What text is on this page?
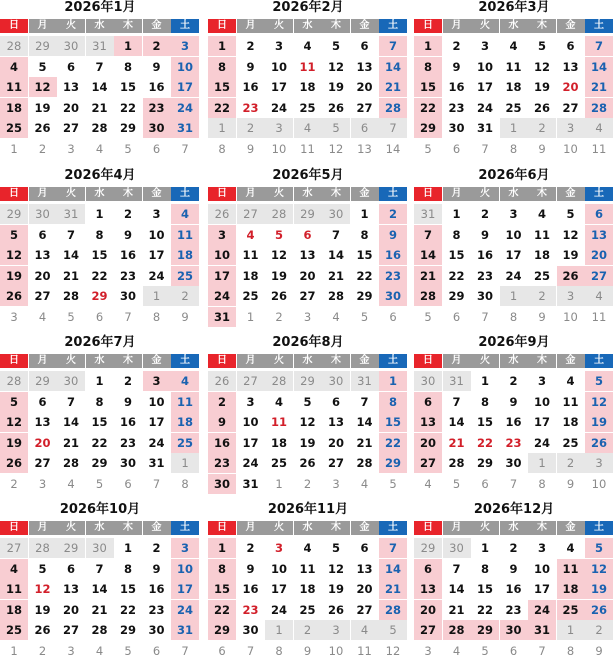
2026年1月
日	月	火	水	木	金	土
28	29	30	31	1	2	3
4	5	6	7	8	9	10
11	12	13	14	15	16	17
18	19	20	21	22	23	24
25	26	27	28	29	30	31
1	2	3	4	5	6	7
2026年2月
日	月	火	水	木	金	土
1	2	3	4	5	6	7
8	9	10	11	12	13	14
15	16	17	18	19	20	21
22	23	24	25	26	27	28
1	2	3	4	5	6	7
8	9	10	11	12	13	14
2026年3月
日	月	火	水	木	金	土
1	2	3	4	5	6	7
8	9	10	11	12	13	14
15	16	17	18	19	20	21
22	23	24	25	26	27	28
29	30	31	1	2	3	4
5	6	7	8	9	10	11
2026年4月
日	月	火	水	木	金	土
29	30	31	1	2	3	4
5	6	7	8	9	10	11
12	13	14	15	16	17	18
19	20	21	22	23	24	25
26	27	28	29	30	1	2
3	4	5	6	7	8	9
2026年5月
日	月	火	水	木	金	土
26	27	28	29	30	1	2
3	4	5	6	7	8	9
10	11	12	13	14	15	16
17	18	19	20	21	22	23
24	25	26	27	28	29	30
31	1	2	3	4	5	6
2026年6月
日	月	火	水	木	金	土
31	1	2	3	4	5	6
7	8	9	10	11	12	13
14	15	16	17	18	19	20
21	22	23	24	25	26	27
28	29	30	1	2	3	4
5	6	7	8	9	10	11
2026年7月
日	月	火	水	木	金	土
28	29	30	1	2	3	4
5	6	7	8	9	10	11
12	13	14	15	16	17	18
19	20	21	22	23	24	25
26	27	28	29	30	31	1
2	3	4	5	6	7	8
2026年8月
日	月	火	水	木	金	土
26	27	28	29	30	31	1
2	3	4	5	6	7	8
9	10	11	12	13	14	15
16	17	18	19	20	21	22
23	24	25	26	27	28	29
30	31	1	2	3	4	5
2026年9月
日	月	火	水	木	金	土
30	31	1	2	3	4	5
6	7	8	9	10	11	12
13	14	15	16	17	18	19
20	21	22	23	24	25	26
27	28	29	30	1	2	3
4	5	6	7	8	9	10
2026年10月
日	月	火	水	木	金	土
27	28	29	30	1	2	3
4	5	6	7	8	9	10
11	12	13	14	15	16	17
18	19	20	21	22	23	24
25	26	27	28	29	30	31
1	2	3	4	5	6	7
2026年11月
日	月	火	水	木	金	土
1	2	3	4	5	6	7
8	9	10	11	12	13	14
15	16	17	18	19	20	21
22	23	24	25	26	27	28
29	30	1	2	3	4	5
6	7	8	9	10	11	12
2026年12月
日	月	火	水	木	金	土
29	30	1	2	3	4	5
6	7	8	9	10	11	12
13	14	15	16	17	18	19
20	21	22	23	24	25	26
27	28	29	30	31	1	2
3	4	5	6	7	8	9
